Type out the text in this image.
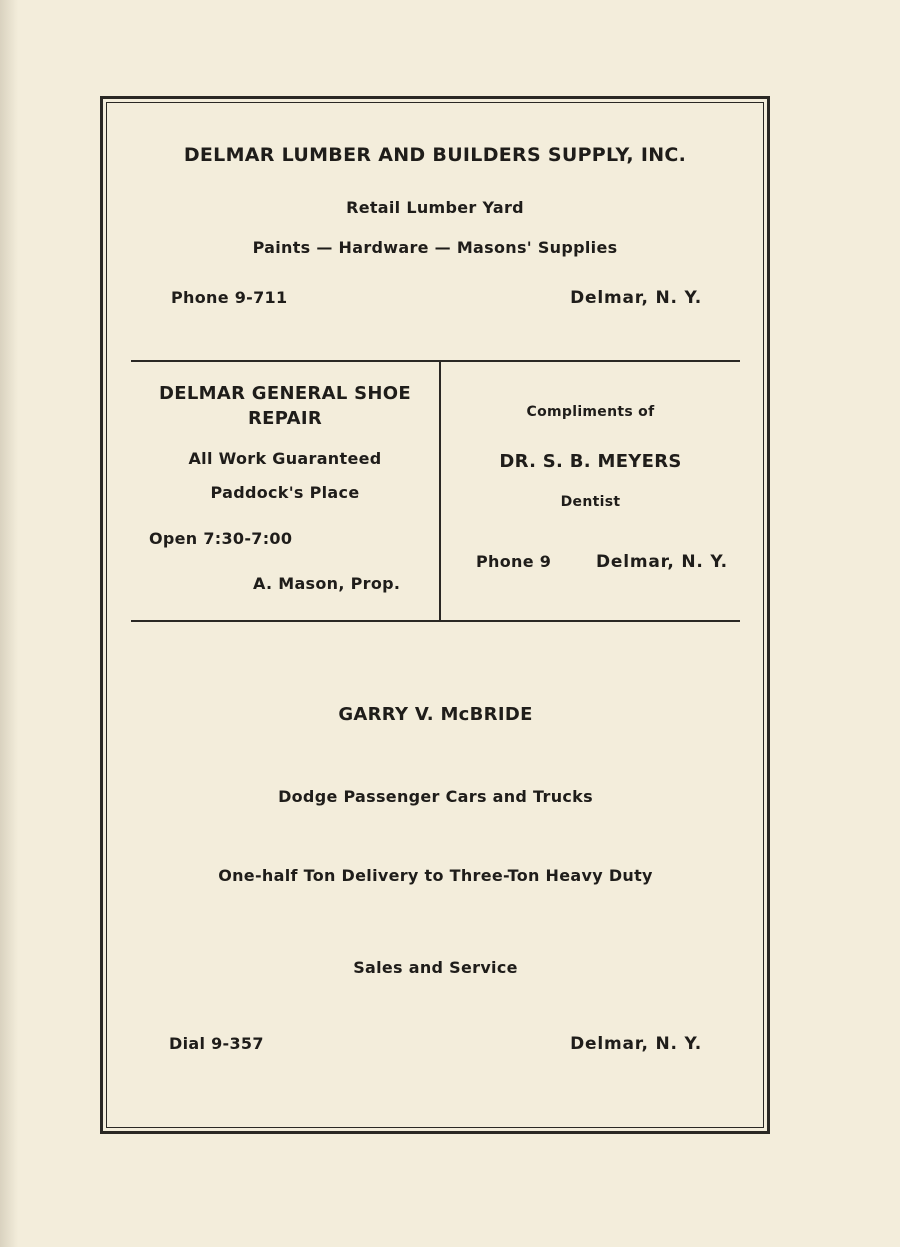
DELMAR LUMBER AND BUILDERS SUPPLY, INC.
Retail Lumber Yard
Paints — Hardware — Masons' Supplies
Phone 9-711	Delmar, N. Y.
DELMAR GENERAL SHOE
REPAIR
All Work Guaranteed
Paddock's Place
Open 7:30-7:00
A. Mason, Prop.
Compliments of
DR. S. B. MEYERS
Dentist
Phone 9	Delmar, N. Y.
GARRY V. McBRIDE
Dodge Passenger Cars and Trucks
One-half Ton Delivery to Three-Ton Heavy Duty
Sales and Service
Dial 9-357	Delmar, N. Y.
